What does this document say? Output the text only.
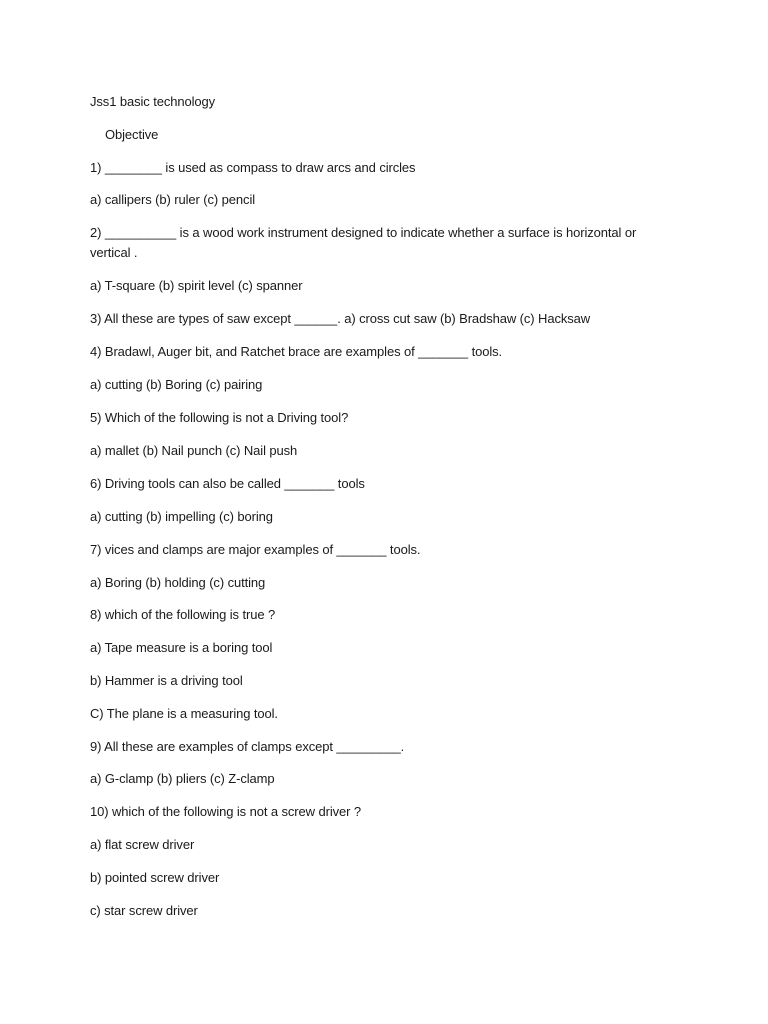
Jss1 basic technology
Objective
1) ________ is used as compass to draw arcs and circles
a) callipers (b) ruler (c) pencil
2) __________ is a wood work instrument designed to indicate whether a surface is horizontal or vertical .
a) T-square (b) spirit level (c) spanner
3) All these are types of saw except ______. a) cross cut saw (b) Bradshaw (c) Hacksaw
4) Bradawl, Auger bit, and Ratchet brace are examples of _______ tools.
a) cutting (b) Boring (c) pairing
5) Which of the following is not a Driving tool?
a) mallet (b) Nail punch (c) Nail push
6) Driving tools can also be called _______ tools
a) cutting (b) impelling (c) boring
7) vices and clamps are major examples of _______ tools.
a) Boring (b) holding (c) cutting
8) which of the following is true ?
a) Tape measure is a boring tool
b) Hammer is a driving tool
C) The plane is a measuring tool.
9) All these are examples of clamps except _________.
a) G-clamp (b) pliers (c) Z-clamp
10) which of the following is not a screw driver ?
a) flat screw driver
b) pointed screw driver
c) star screw driver
